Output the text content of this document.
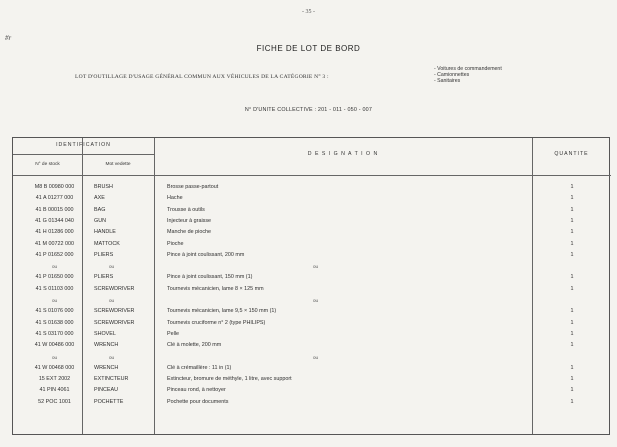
- 35 -
#r
FICHE DE LOT DE BORD
LOT D'OUTILLAGE D'USAGE GÉNÉRAL COMMUN AUX VÉHICULES DE LA CATÉGORIE N° 3 :
- Voitures de commandement
- Camionnettes
- Sanitaires
N° D'UNITE COLLECTIVE : 201 - 011 - 050 - 007
IDENTIFICATION
N° de stock	Mot vedette
D E S I G N A T I O N	QUANTITE
M8 B 00980 000	BRUSH	Brosse passe-partout	1
41 A 01277 000	AXE	Hache	1
41 B 00015 000	BAG	Trousse à outils	1
41 G 01344 040	GUN	Injecteur à graisse	1
41 H 01286 000	HANDLE	Manche de pioche	1
41 M 00722 000	MATTOCK	Pioche	1
41 P 01652 000	PLIERS	Pince à joint coulissant, 200 mm	1
ou	ou	ou
41 P 01650 000	PLIERS	Pince à joint coulissant, 150 mm (1)	1
41 S 01103 000	SCREWDRIVER	Tournevis mécanicien, lame 8 × 125 mm	1
ou	ou	ou
41 S 01076 000	SCREWDRIVER	Tournevis mécanicien, lame 9,5 × 150 mm (1)	1
41 S 01638 000	SCREWDRIVER	Tournevis cruciforme n° 2 (type PHILIPS)	1
41 S 03170 000	SHOVEL	Pelle	1
41 W 00486 000	WRENCH	Clé à molette, 200 mm	1
ou	ou	ou
41 W 00468 000	WRENCH	Clé à crémaillère : 11 in (1)	1
15 EXT 2002	EXTINCTEUR	Extincteur, bromure de méthyle, 1 litre, avec support	1
41 PIN 4061	PINCEAU	Pinceau rond, à nettoyer	1
52 POC 1001	POCHETTE	Pochette pour documents	1
